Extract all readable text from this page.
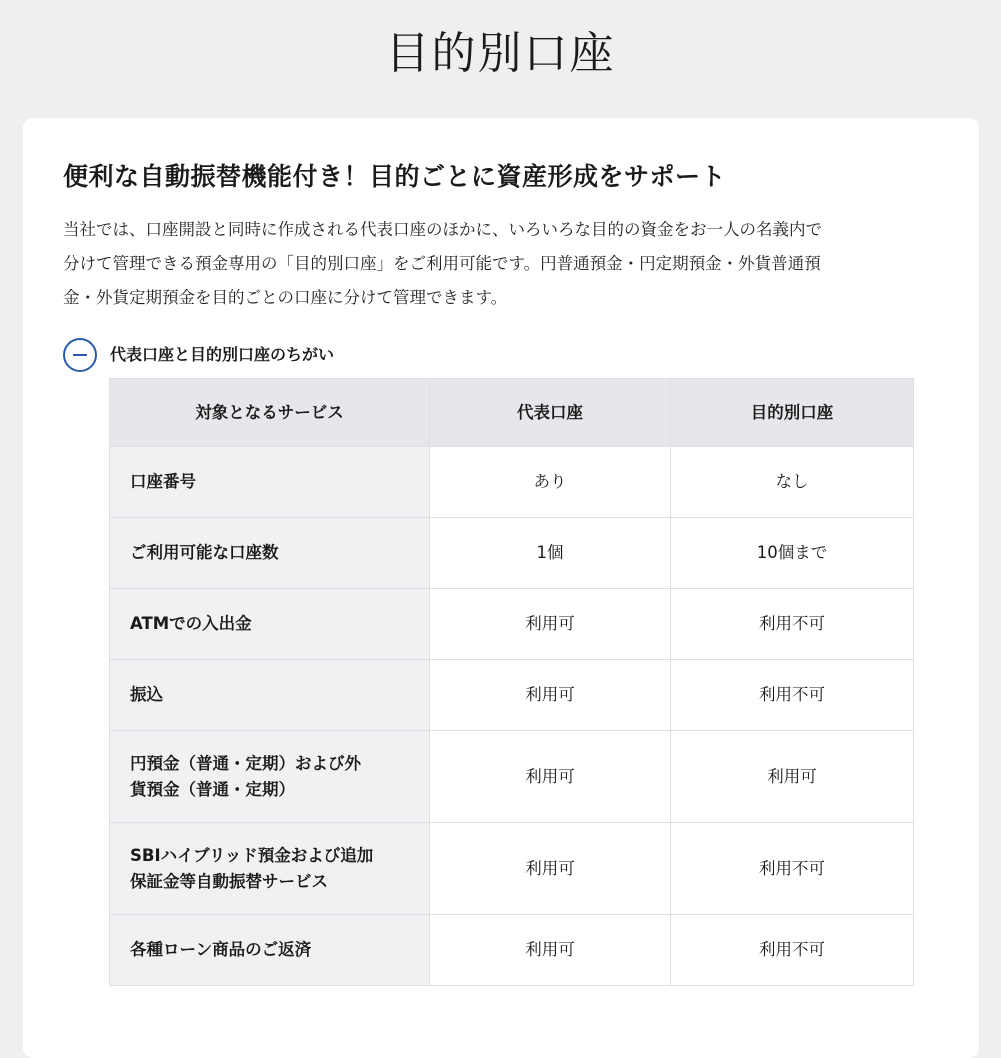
目的別口座
便利な自動振替機能付き！目的ごとに資産形成をサポート

当社では、口座開設と同時に作成される代表口座のほかに、いろいろな目的の資金をお一人の名義内で
分けて管理できる預金専用の「目的別口座」をご利用可能です。円普通預金・円定期預金・外貨普通預
金・外貨定期預金を目的ごとの口座に分けて管理できます。

代表口座と目的別口座のちがい
対象となるサービス	代表口座	目的別口座
口座番号	あり	なし
ご利用可能な口座数	1個	10個まで
ATMでの入出金	利用可	利用不可
振込	利用可	利用不可

円預金（普通・定期）および外
貨預金（普通・定期）	利用可	利用可

SBIハイブリッド預金および追加
保証金等自動振替サービス	利用可	利用不可
各種ローン商品のご返済	利用可	利用不可
